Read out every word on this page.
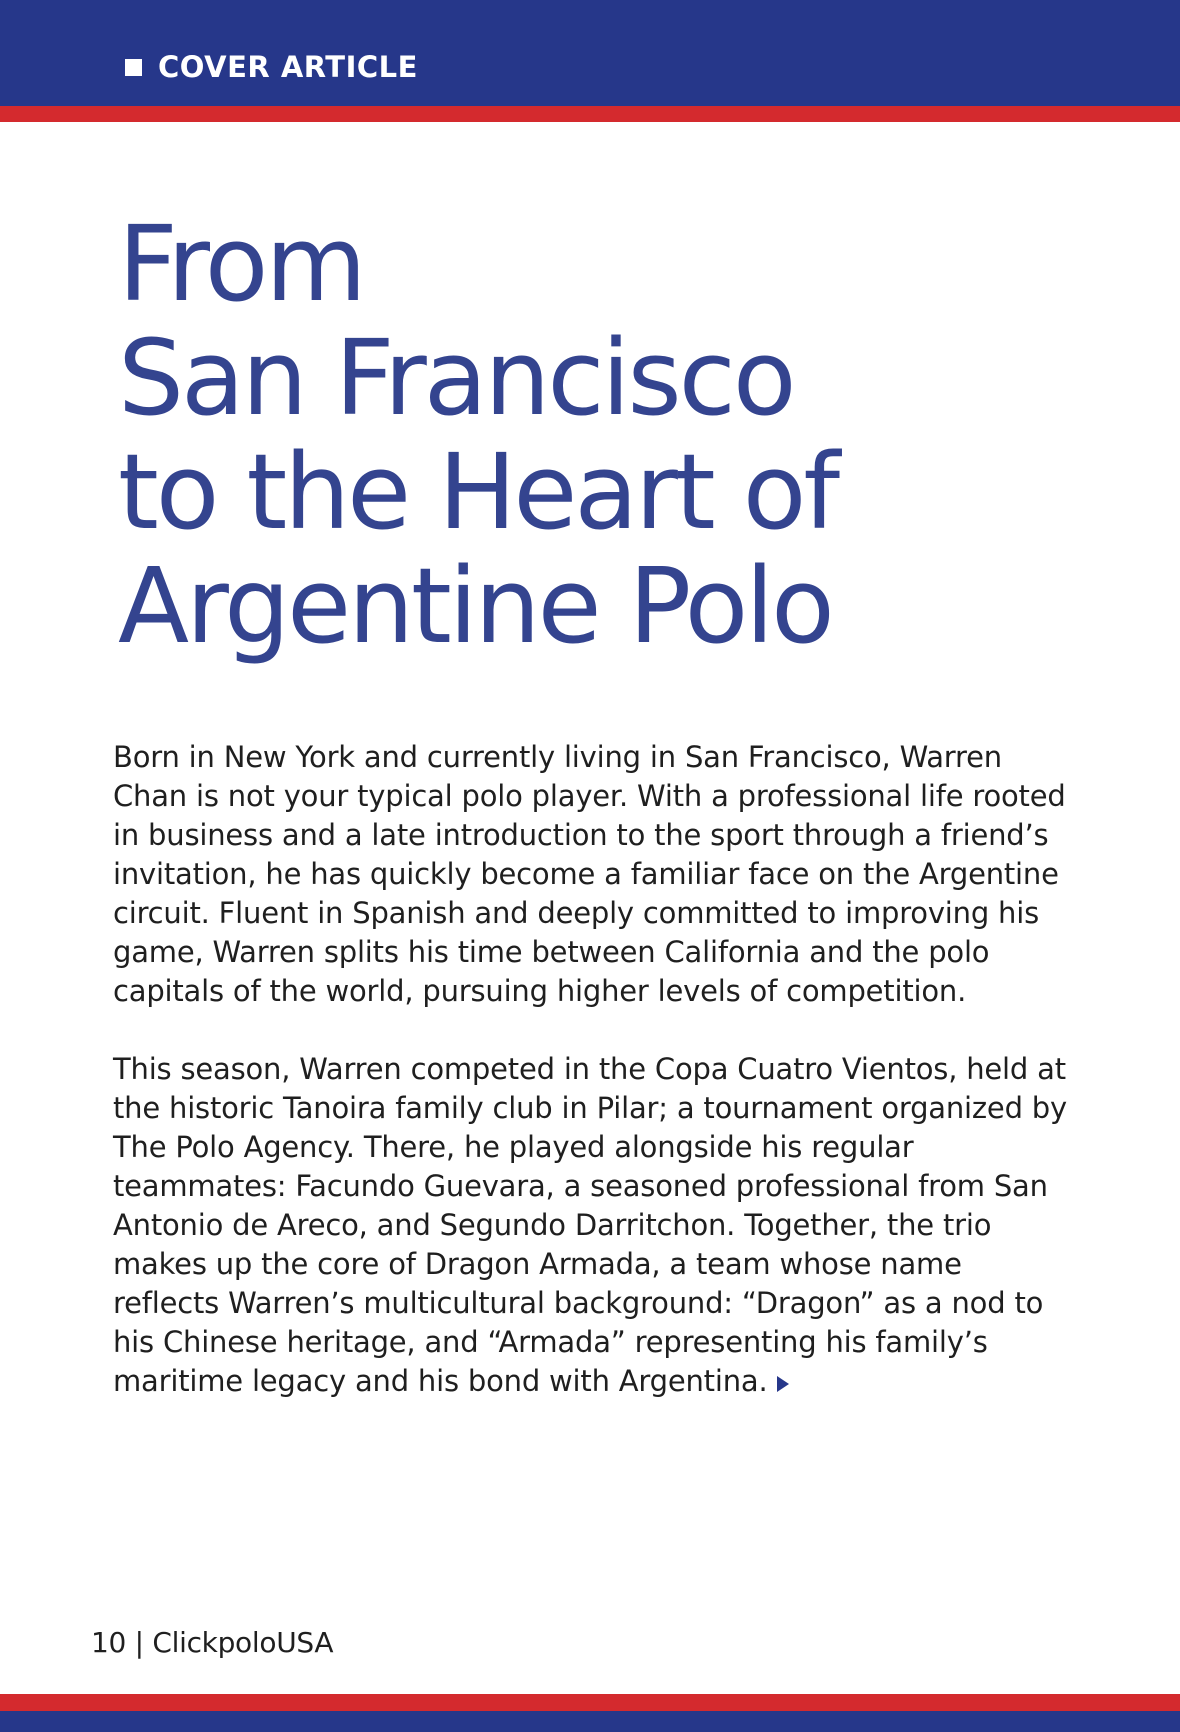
COVER ARTICLE
From
San Francisco
to the Heart of
Argentine Polo

Born in New York and currently living in San Francisco, Warren Chan is not your typical polo player. With a professional life rooted in business and a late introduction to the sport through a friend’s invitation, he has quickly become a familiar face on the Argentine circuit. Fluent in Spanish and deeply committed to improving his game, Warren splits his time between California and the polo capitals of the world, pursuing higher levels of competition.

This season, Warren competed in the Copa Cuatro Vientos, held at the historic Tanoira family club in Pilar; a tournament organized by The Polo Agency. There, he played alongside his regular teammates: Facundo Guevara, a seasoned professional from San Antonio de Areco, and Segundo Darritchon. Together, the trio makes up the core of Dragon Armada, a team whose name reflects Warren’s multicultural background: “Dragon” as a nod to his Chinese heritage, and “Armada” representing his family’s maritime legacy and his bond with Argentina.

10 | ClickpoloUSA
